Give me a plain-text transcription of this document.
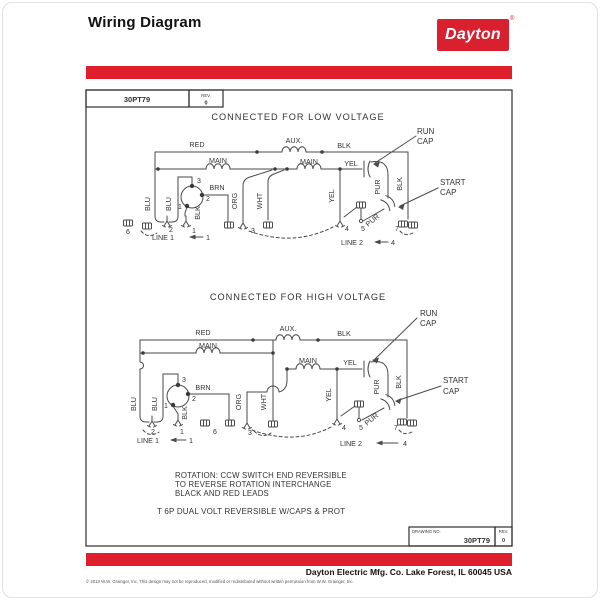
Wiring Diagram
Dayton
®
30PT79	REV.
0
CONNECTED FOR LOW VOLTAGE
RED	AUX.
BLK
MAIN	MAIN	YEL
YEL
BRN
BLU BLU
BLK
ORG WHT
PUR
PUR
BLK
3
2
1
6	2	1	3	4 5	7
RUN
CAP
START
CAP
LINE 1	1
LINE 2	4
CONNECTED FOR HIGH VOLTAGE
RED	AUX.
BLK
MAIN
MAIN	YEL
YEL
BRN
BLU BLU
BLK
ORG WHT
PUR
PUR
BLK
3
2
1
2	1	6	3
4 5	7
RUN
CAP
START
CAP
LINE 1	1	LINE 2	4
ROTATION: CCW SWITCH END REVERSIBLE
TO REVERSE ROTATION INTERCHANGE
BLACK AND RED LEADS
T 6P DUAL VOLT REVERSIBLE W/CAPS & PROT
DRAWING NO.
30PT79
REV.
0
Dayton Electric Mfg. Co. Lake Forest, IL 60045 USA
© 2013 W.W. Grainger, Inc. This design may not be reproduced, modified or redistributed without written permission from W.W. Grainger, Inc.
